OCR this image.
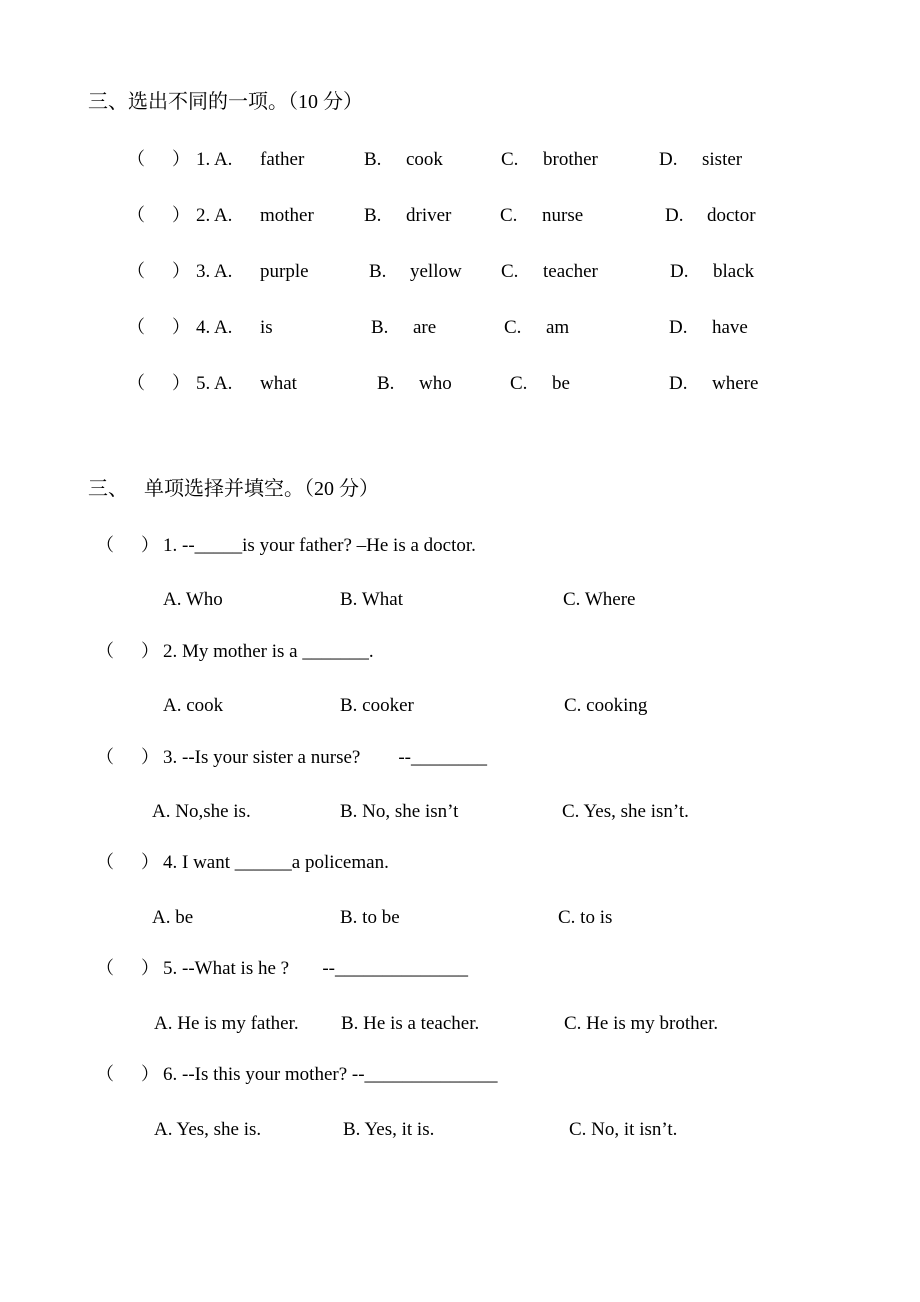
三、选出不同的一项。（10 分）
（      ） 1. A. father	B. cook	C. brother	D. sister
（      ） 2. A. mother	B. driver	C. nurse	D. doctor
（      ） 3. A. purple	B. yellow C. teacher	D. black
（      ） 4. A. is	B. are	C. am	D. have
（      ） 5. A. what	B. who	C. be	D. where
三、 单项选择并填空。（20 分）
（      ） 1. --_____is your father? –He is a doctor.
A. Who	B. What	C. Where
（      ） 2. My mother is a _______.
A. cook	B. cooker	C. cooking
（      ） 3. --Is your sister a nurse?        --________
A. No,she is.	B. No, she isn’t	C. Yes, she isn’t.
（      ） 4. I want ______a policeman.
A. be	B. to be	C. to is
（      ） 5. --What is he ?       --______________
A. He is my father. B. He is a teacher.	C. He is my brother.
（      ） 6. --Is this your mother? --______________
A. Yes, she is.	B. Yes, it is.	C. No, it isn’t.
